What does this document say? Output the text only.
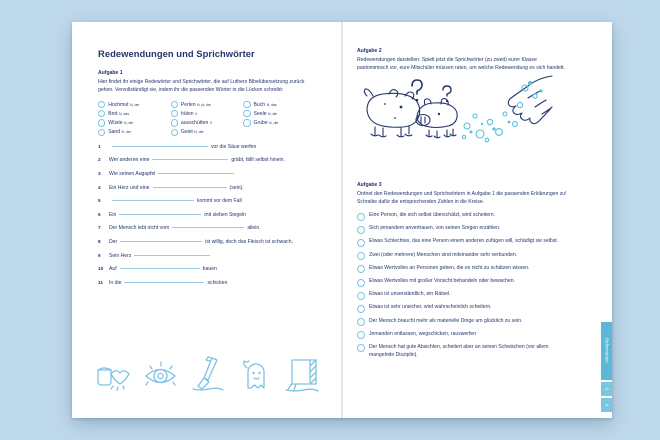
Redewendungen und Sprichwörter
Aufgabe 1

Hier findet ihr einige Redewörter und Sprichwörter, die auf Luthers Bibelübersetzung zurück gehen. Vervollständigt sie, indem ihr die passenden Wörter in die Lücken schreibt:

Hochmut N, der
Brot N, das
Wüste N, die
Sand N, der
Perlen N, pl, die
hüten V
ausschütten V
Geist N, der
Buch N, das
Seele N, die
Grube N, die
1	vor die Säue werfen
2	Wer anderen eine	gräbt, fällt selbst hinein.
3	Wie seinen Augapfel
4	Ein Herz und eine	(sein).
5	kommt vor dem Fall
6	Ein	mit sieben Siegeln
7	Der Mensch lebt nicht vom	allein.
8	Der	ist willig, doch das Fleisch ist schwach.
9	Sein Herz
10	Auf	bauen
11	In die	schicken
Aufgabe 2

Redewendungen darstellen: Spielt jetzt die Sprichwörter (zu zweit) eurer Klasse pantomimisch vor, eure Mitschüler müssen raten, um welche Redewendung es sich handelt.

Aufgabe 3

Ordnet den Redewendungen und Sprichwörtern in Aufgabe 1 die passenden Erklärungen zu! Schreibe dafür die entsprechenden Zahlen in die Kreise.

Eine Person, die sich selbst überschätzt, wird scheitern.
Sich jemandem anvertrauen, von seinen Sorgen erzählen.
Etwas Schlechtes, das eine Person einem anderen zufügen will, schädigt sie selbst.
Zwei (oder mehrere) Menschen sind miteinander sehr verbunden.
Etwas Wertvolles an Personen geben, die es nicht zu schätzen wissen.
Etwas Wertvolles mit großer Vorsicht behandeln oder bewachen.
Etwas ist unverständlich, ein Rätsel.
Etwas ist sehr unsicher, wird wahrscheinlich scheitern.
Der Mensch braucht mehr als materielle Dinge um glücklich zu sein.
Jemanden entlassen, wegschicken, rauswerfen
Der Mensch hat gute Absichten, scheitert aber an seinen Schwächen (vor allem mangelnde Disziplin).	Reformation
5
6
